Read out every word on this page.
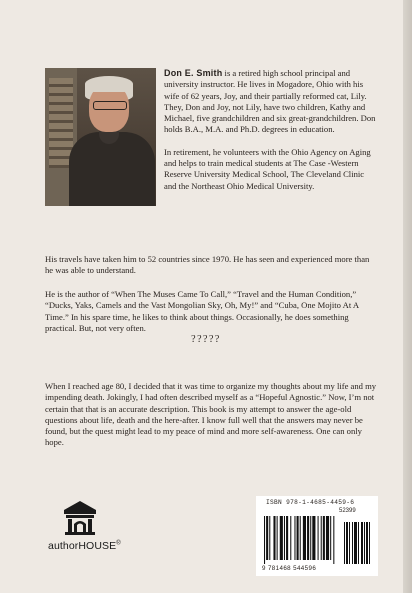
Don E. Smith is a retired high school principal and university instructor. He lives in Mogadore, Ohio with his wife of 62 years, Joy, and their partially reformed cat, Lily. They, Don and Joy, not Lily, have two children, Kathy and Michael, five grandchildren and six great-grandchildren. Don holds B.A., M.A. and Ph.D. degrees in education.

In retirement, he volunteers with the Ohio Agency on Aging and helps to train medical students at The Case -Western Reserve University Medical School, The Cleveland Clinic and the Northeast Ohio Medical University.

His travels have taken him to 52 countries since 1970. He has seen and experienced more than he was able to understand.

He is the author of “When The Muses Came To Call,” “Travel and the Human Condition,” “Ducks, Yaks, Camels and the Vast Mongolian Sky, Oh, My!” and “Cuba, One Mojito At A Time.” In his spare time, he likes to think about things. Occasionally, he does something practical. But, not very often.

?????

When I reached age 80, I decided that it was time to organize my thoughts about my life and my impending death. Jokingly, I had often described myself as a “Hopeful Agnostic.” Now, I’m not certain that that is an accurate description. This book is my attempt to answer the age-old questions about life, death and the here-after. I know full well that the answers may never be found, but the quest might lead to my peace of mind and more self-awareness. One can only hope.

authorHOUSE®
ISBN 978-1-4685-4459-6
52399
9 781468 544596
